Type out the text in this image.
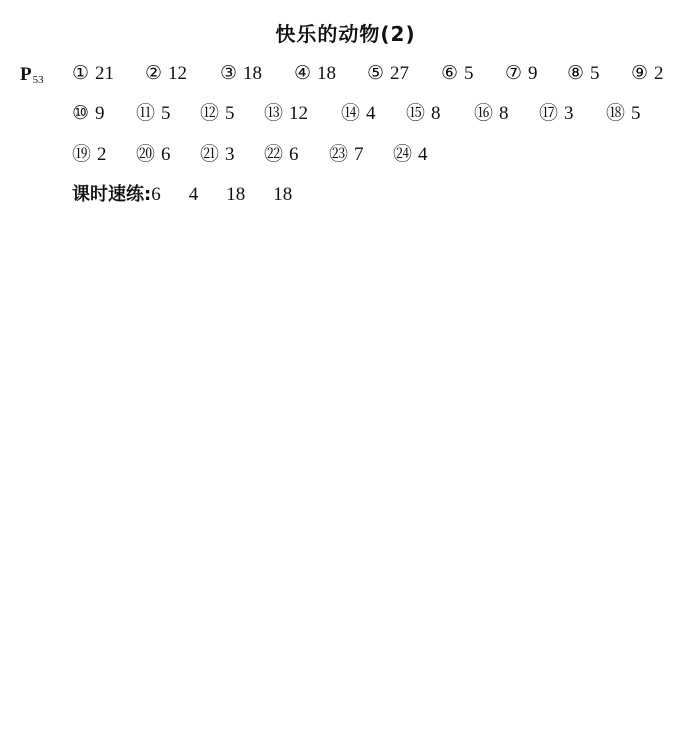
快乐的动物(2)
$P_{53}$ ① 21 ② 12 ③ 18 ④ 18 ⑤ 27 ⑥ 5 ⑦ 9 ⑧ 5 ⑨ 2
⑩ 9 ⑪ 5 ⑫ 5 ⑬ 12 ⑭ 4 ⑮ 8 ⑯ 8 ⑰ 3 ⑱ 5
⑲ 2 ⑳ 6 ㉑ 3 ㉒ 6 ㉓ 7 ㉔ 4
课时速练:6 4 18 18
